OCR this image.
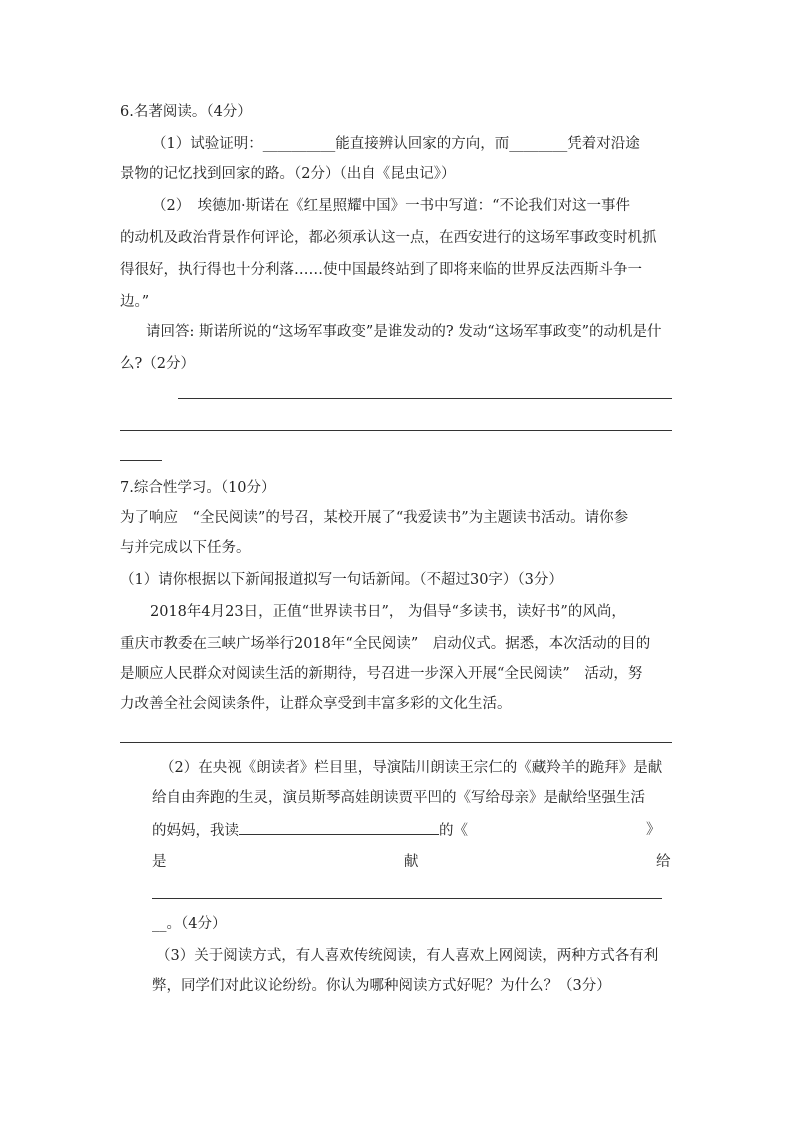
6.名著阅读。（4分）
（1）试验证明：__________能直接辨认回家的方向，而________凭着对沿途
景物的记忆找到回家的路。（2分）（出自《昆虫记》）
（2）　埃德加·斯诺在《红星照耀中国》一书中写道：“不论我们对这一事件
的动机及政治背景作何评论，都必须承认这一点，在西安进行的这场军事政变时机抓
得很好，执行得也十分利落……使中国最终站到了即将来临的世界反法西斯斗争一
边。”
请回答: 斯诺所说的“这场军事政变”是谁发动的? 发动“这场军事政变”的动机是什
么?（2分）
7.综合性学习。（10分）
为了响应　“全民阅读”的号召，某校开展了“我爱读书”为主题读书活动。请你参
与并完成以下任务。
（1）请你根据以下新闻报道拟写一句话新闻。（不超过30字）（3分）
2018年4月23日，正值“世界读书日”， 为倡导“多读书，读好书”的风尚，
重庆市教委在三峡广场举行2018年“全民阅读”　启动仪式。据悉，本次活动的目的
是顺应人民群众对阅读生活的新期待，号召进一步深入开展“全民阅读”　活动，努
力改善全社会阅读条件，让群众享受到丰富多彩的文化生活。
（2）在央视《朗读者》栏目里，导演陆川朗读王宗仁的《藏羚羊的跪拜》是献
给自由奔跑的生灵，演员斯琴高娃朗读贾平凹的《写给母亲》是献给坚强生活
的妈妈，我读	的《	》
是	献	给
__。（4分）
（3）关于阅读方式，有人喜欢传统阅读，有人喜欢上网阅读，两种方式各有利
弊，同学们对此议论纷纷。你认为哪种阅读方式好呢？为什么？（3分）
